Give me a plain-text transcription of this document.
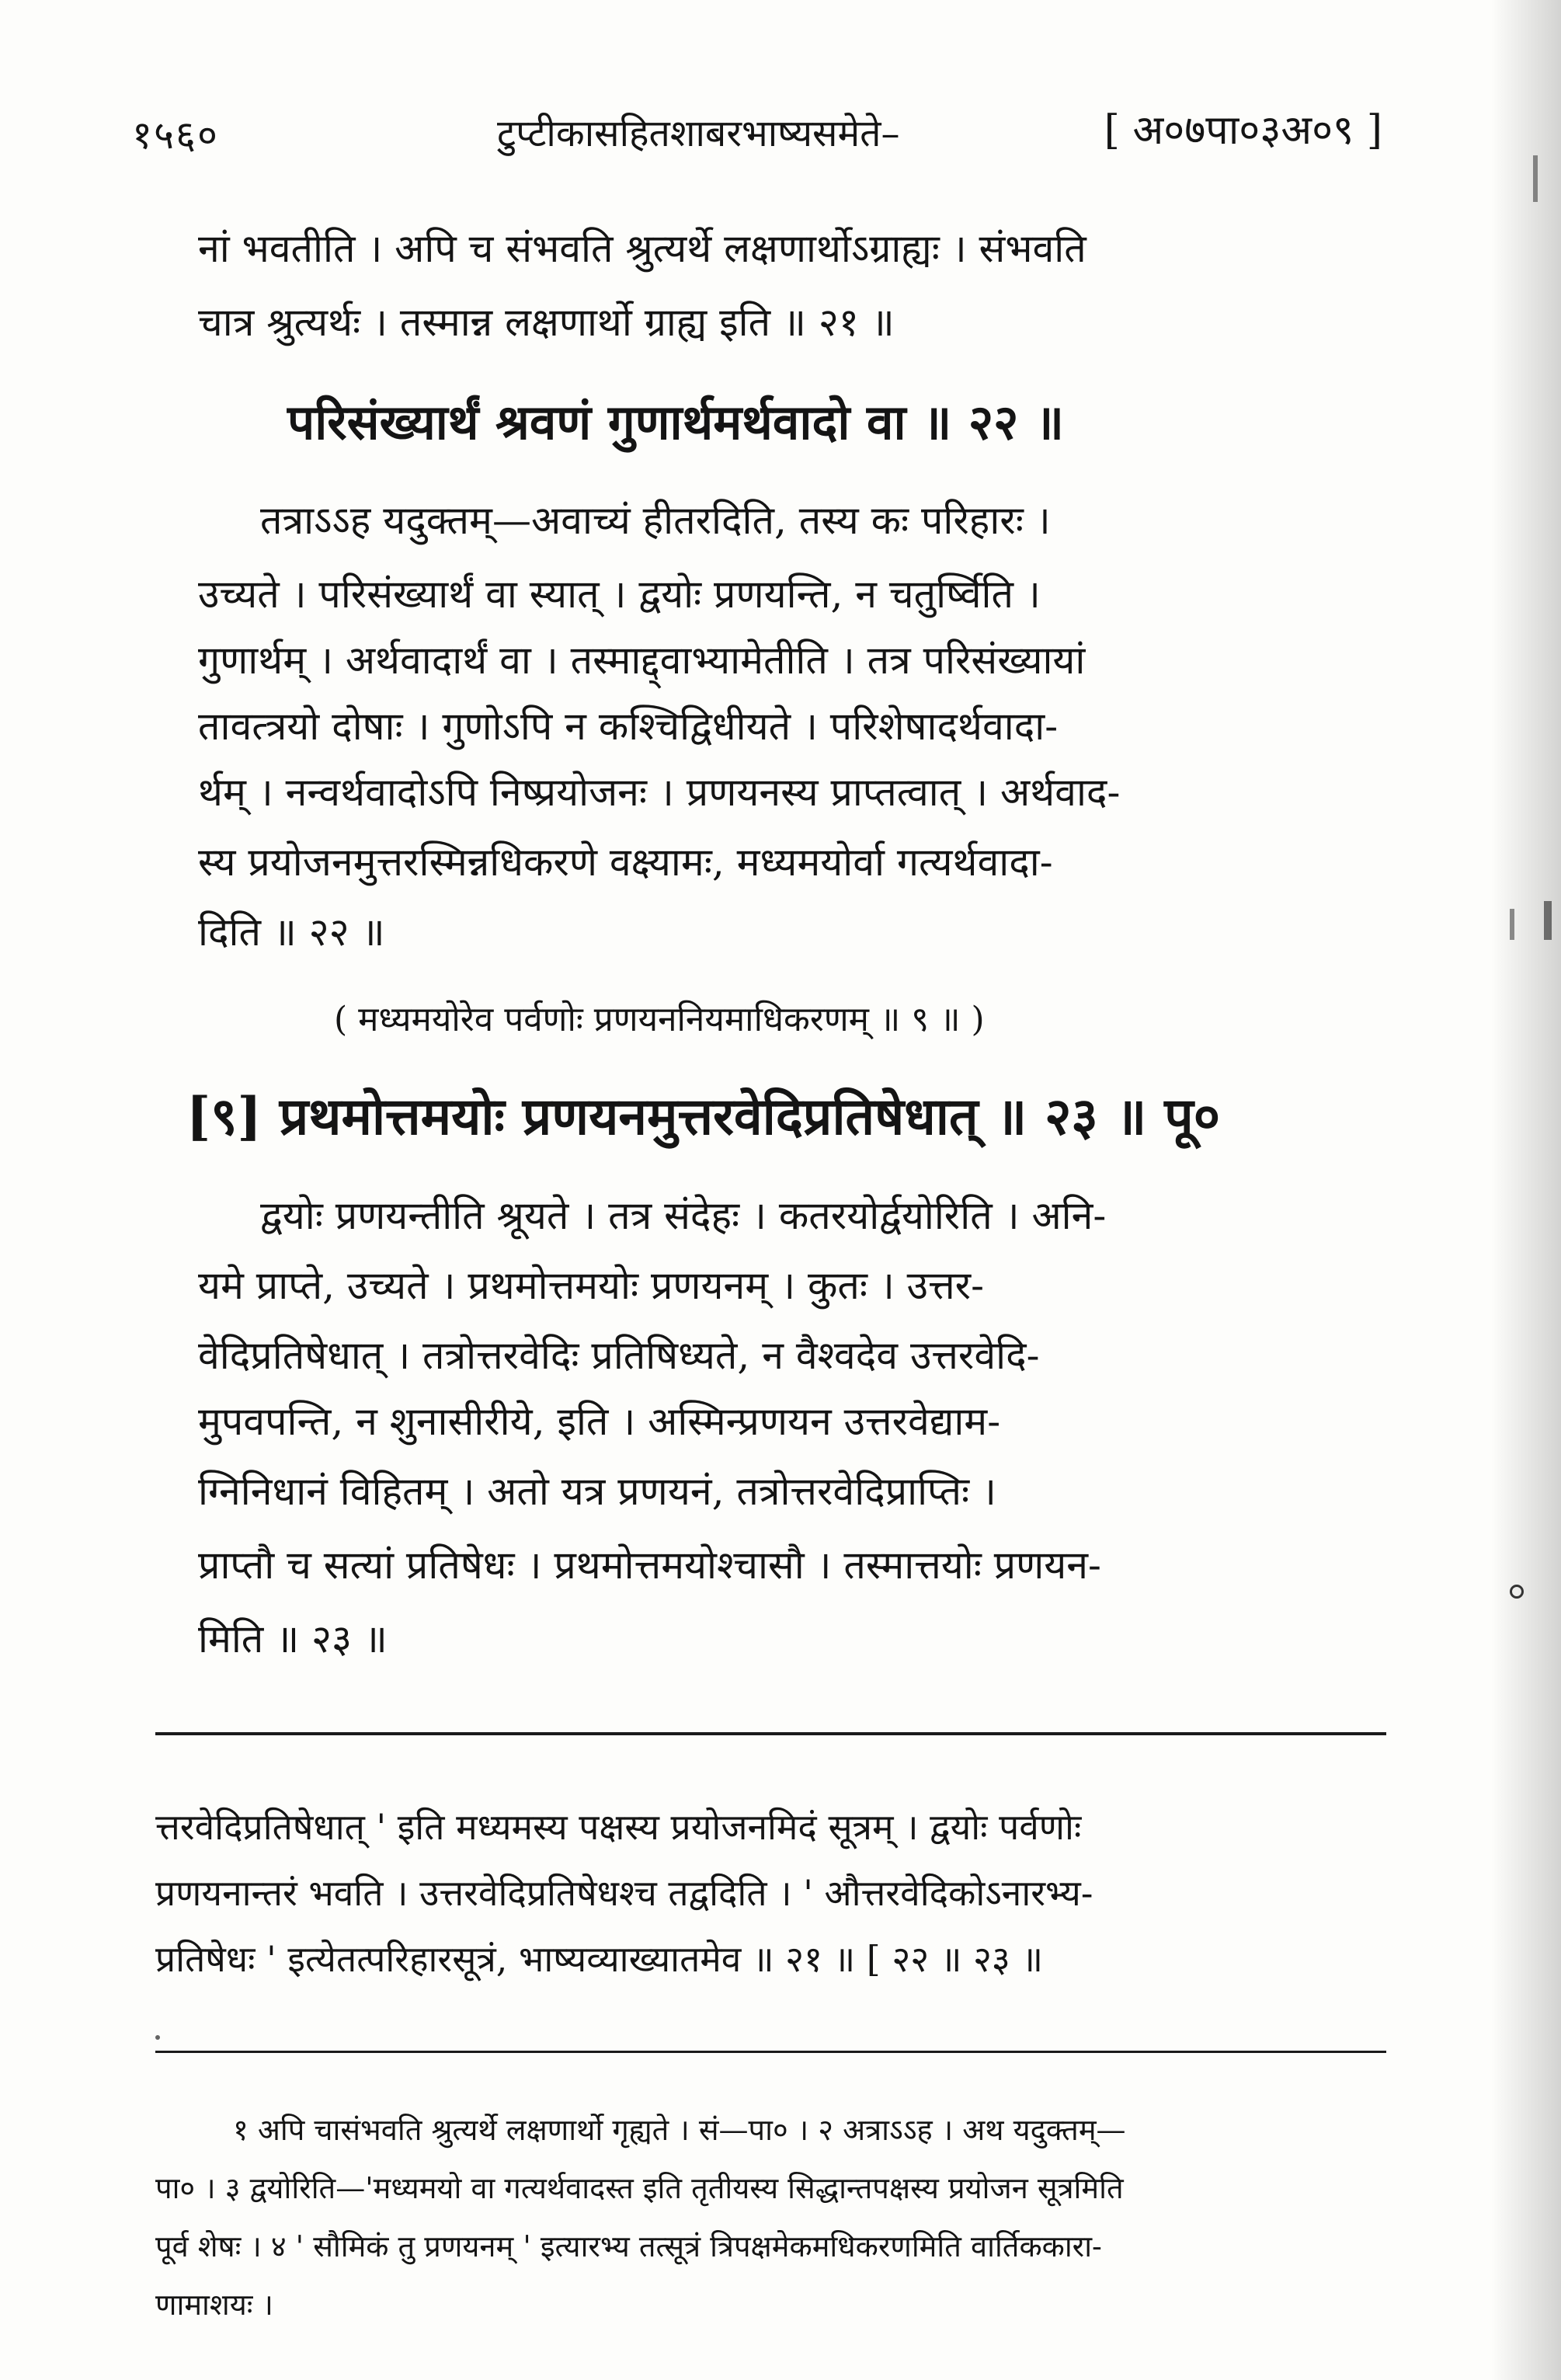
१५६०	टुप्टीकासहितशाबरभाष्यसमेते–	[ अ०७पा०३अ०९ ]
नां भवतीति । अपि च संभवति श्रुत्यर्थे लक्षणार्थोऽग्राह्यः । संभवति
चात्र श्रुत्यर्थः । तस्मान्न लक्षणार्थो ग्राह्य इति ॥ २१ ॥
परिसंख्यार्थं श्रवणं गुणार्थमर्थवादो वा ॥ २२ ॥
तत्राऽऽह यदुक्तम्—अवाच्यं हीतरदिति, तस्य कः परिहारः ।
उच्यते । परिसंख्यार्थं वा स्यात् । द्वयोः प्रणयन्ति, न चतुर्ष्विति ।
गुणार्थम् । अर्थवादार्थं वा । तस्माद्द्वाभ्यामेतीति । तत्र परिसंख्यायां
तावत्त्रयो दोषाः । गुणोऽपि न कश्चिद्विधीयते । परिशेषादर्थवादा-
र्थम् । नन्वर्थवादोऽपि निष्प्रयोजनः । प्रणयनस्य प्राप्तत्वात् । अर्थवाद-
स्य प्रयोजनमुत्तरस्मिन्नधिकरणे वक्ष्यामः, मध्यमयोर्वा गत्यर्थवादा-
दिति ॥ २२ ॥
( मध्यमयोरेव पर्वणोः प्रणयननियमाधिकरणम् ॥ ९ ॥ )
[९] प्रथमोत्तमयोः प्रणयनमुत्तरवेदिप्रतिषेधात् ॥ २३ ॥ पू०
द्वयोः प्रणयन्तीति श्रूयते । तत्र संदेहः । कतरयोर्द्वयोरिति । अनि-
यमे प्राप्ते, उच्यते । प्रथमोत्तमयोः प्रणयनम् । कुतः । उत्तर-
वेदिप्रतिषेधात् । तत्रोत्तरवेदिः प्रतिषिध्यते, न वैश्वदेव उत्तरवेदि-
मुपवपन्ति, न शुनासीरीये, इति । अस्मिन्प्रणयन उत्तरवेद्याम-
ग्निनिधानं विहितम् । अतो यत्र प्रणयनं, तत्रोत्तरवेदिप्राप्तिः ।
प्राप्तौ च सत्यां प्रतिषेधः । प्रथमोत्तमयोश्चासौ । तस्मात्तयोः प्रणयन-
मिति ॥ २३ ॥
त्तरवेदिप्रतिषेधात् ' इति मध्यमस्य पक्षस्य प्रयोजनमिदं सूत्रम् । द्वयोः पर्वणोः
प्रणयनान्तरं भवति । उत्तरवेदिप्रतिषेधश्च तद्वदिति । ' औत्तरवेदिकोऽनारभ्य-
प्रतिषेधः ' इत्येतत्परिहारसूत्रं, भाष्यव्याख्यातमेव ॥ २१ ॥ [ २२ ॥ २३ ॥
१ अपि चासंभवति श्रुत्यर्थे लक्षणार्थो गृह्यते । सं—पा० । २ अत्राऽऽह । अथ यदुक्तम्—
पा० । ३ द्वयोरिति—'मध्यमयो वा गत्यर्थवादस्त इति तृतीयस्य सिद्धान्तपक्षस्य प्रयोजन सूत्रमिति
पूर्व शेषः । ४ ' सौमिकं तु प्रणयनम् ' इत्यारभ्य तत्सूत्रं त्रिपक्षमेकमधिकरणमिति वार्तिककारा-
णामाशयः ।
